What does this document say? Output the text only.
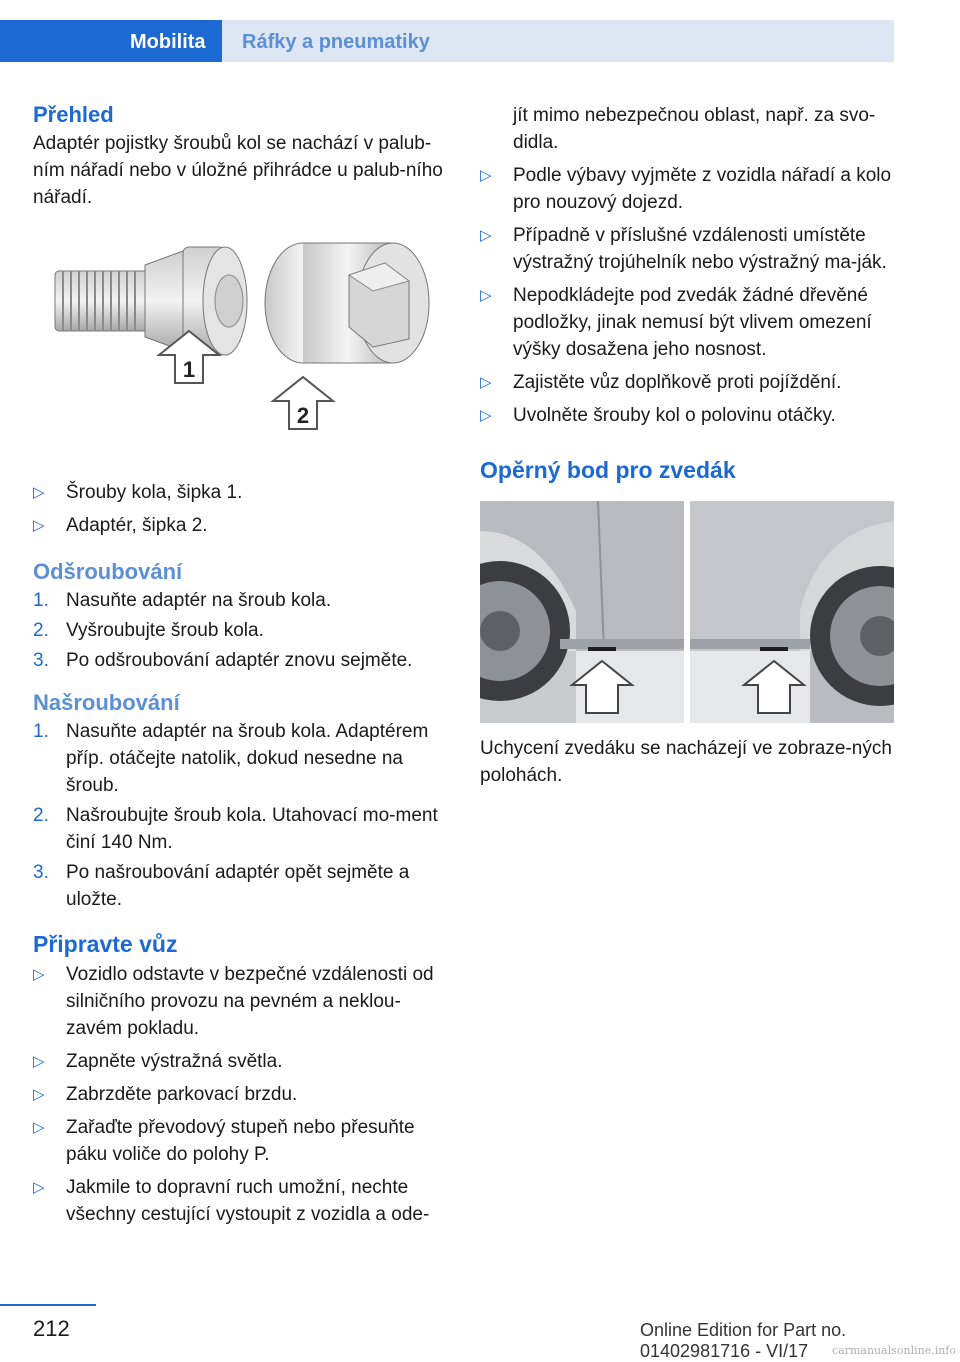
Mobilita	Ráfky a pneumatiky
Přehled

Adaptér pojistky šroubů kol se nachází v palub-ním nářadí nebo v úložné přihrádce u palub-ního nářadí.

1
2
▷ Šrouby kola, šipka 1.
▷ Adaptér, šipka 2.
Odšroubování
1. Nasuňte adaptér na šroub kola.
2. Vyšroubujte šroub kola.
3. Po odšroubování adaptér znovu sejměte.
Našroubování
1. Nasuňte adaptér na šroub kola. Adaptérem příp. otáčejte natolik, dokud nesedne na šroub.
2. Našroubujte šroub kola. Utahovací mo-ment činí 140 Nm.
3. Po našroubování adaptér opět sejměte a uložte.
Připravte vůz
▷ Vozidlo odstavte v bezpečné vzdálenosti od silničního provozu na pevném a neklou-zavém pokladu.
▷ Zapněte výstražná světla.
▷ Zabrzděte parkovací brzdu.
▷ Zařaďte převodový stupeň nebo přesuňte páku voliče do polohy P.
▷ Jakmile to dopravní ruch umožní, nechte všechny cestující vystoupit z vozidla a ode-
jít mimo nebezpečnou oblast, např. za svo-didla.
▷ Podle výbavy vyjměte z vozidla nářadí a kolo pro nouzový dojezd.
▷ Případně v příslušné vzdálenosti umístěte výstražný trojúhelník nebo výstražný ma-ják.
▷ Nepodkládejte pod zvedák žádné dřevěné podložky, jinak nemusí být vlivem omezení výšky dosažena jeho nosnost.
▷ Zajistěte vůz doplňkově proti pojíždění.
▷ Uvolněte šrouby kol o polovinu otáčky.
Opěrný bod pro zvedák

Uchycení zvedáku se nacházejí ve zobraze-ných polohách.

212	Online Edition for Part no. 01402981716 - VI/17	carmanualsonline.info
